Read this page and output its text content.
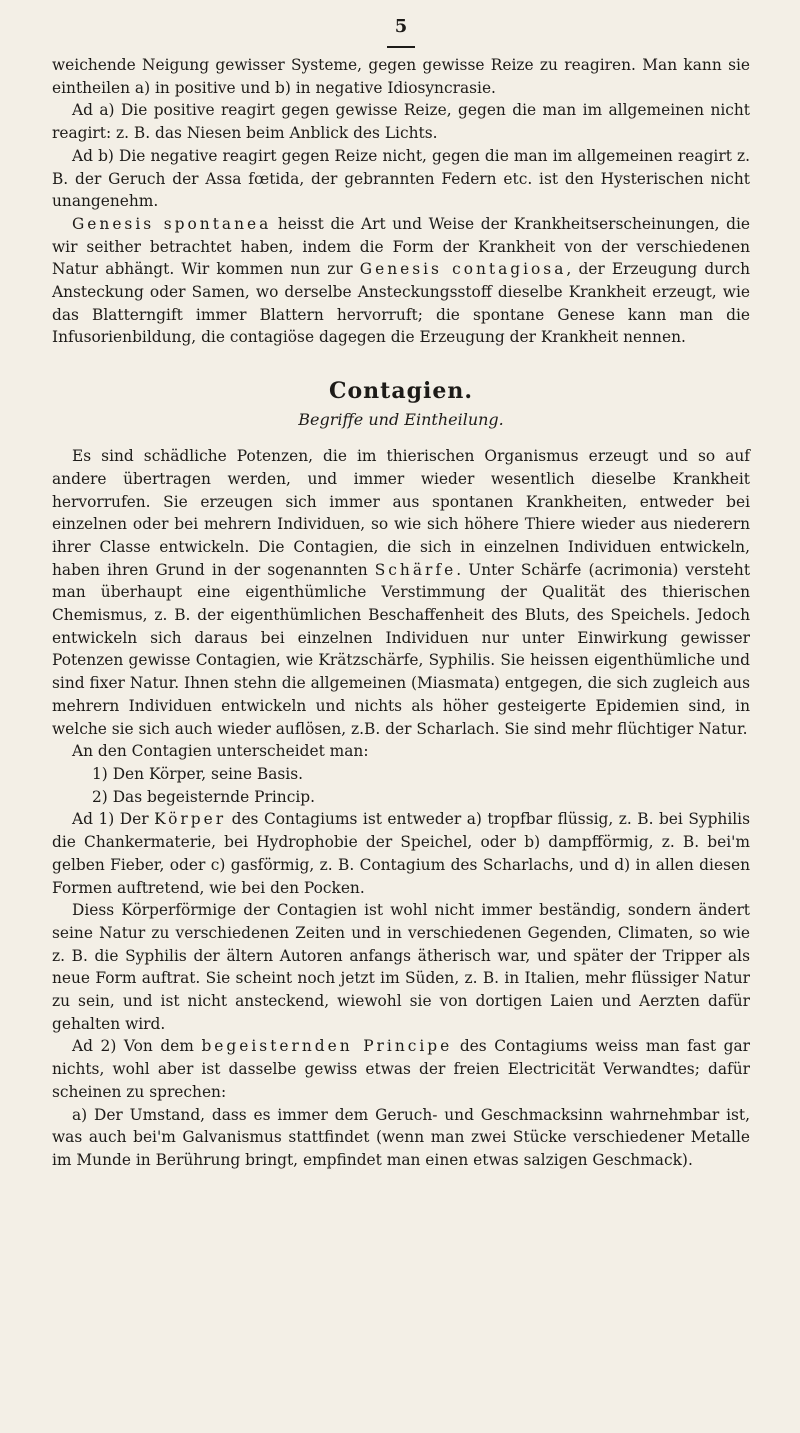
5

weichende Neigung gewisser Systeme, gegen gewisse Reize zu reagiren. Man kann sie eintheilen a) in positive und b) in negative Idiosyncrasie.

Ad a) Die positive reagirt gegen gewisse Reize, gegen die man im allgemeinen nicht reagirt: z. B. das Niesen beim Anblick des Lichts.

Ad b) Die negative reagirt gegen Reize nicht, gegen die man im allgemeinen reagirt z. B. der Geruch der Assa fœtida, der gebrannten Federn etc. ist den Hysterischen nicht unangenehm.

Genesis spontanea heisst die Art und Weise der Krankheitserscheinungen, die wir seither betrachtet haben, indem die Form der Krankheit von der verschiedenen Natur abhängt. Wir kommen nun zur Genesis contagiosa, der Erzeugung durch Ansteckung oder Samen, wo derselbe Ansteckungsstoff dieselbe Krankheit erzeugt, wie das Blatterngift immer Blattern hervorruft; die spontane Genese kann man die Infusorienbildung, die contagiöse dagegen die Erzeugung der Krankheit nennen.

Contagien.
Begriffe und Eintheilung.

Es sind schädliche Potenzen, die im thierischen Organismus erzeugt und so auf andere übertragen werden, und immer wieder wesentlich dieselbe Krankheit hervorrufen. Sie erzeugen sich immer aus spontanen Krankheiten, entweder bei einzelnen oder bei mehrern Individuen, so wie sich höhere Thiere wieder aus niederern ihrer Classe entwickeln. Die Contagien, die sich in einzelnen Individuen entwickeln, haben ihren Grund in der sogenannten Schärfe. Unter Schärfe (acrimonia) versteht man überhaupt eine eigenthümliche Verstimmung der Qualität des thierischen Chemismus, z. B. der eigenthümlichen Beschaffenheit des Bluts, des Speichels. Jedoch entwickeln sich daraus bei einzelnen Individuen nur unter Einwirkung gewisser Potenzen gewisse Contagien, wie Krätzschärfe, Syphilis. Sie heissen eigenthümliche und sind fixer Natur. Ihnen stehn die allgemeinen (Miasmata) entgegen, die sich zugleich aus mehrern Individuen entwickeln und nichts als höher gesteigerte Epidemien sind, in welche sie sich auch wieder auflösen, z.B. der Scharlach. Sie sind mehr flüchtiger Natur.

An den Contagien unterscheidet man:

1) Den Körper, seine Basis.

2) Das begeisternde Princip.

Ad 1) Der Körper des Contagiums ist entweder a) tropfbar flüssig, z. B. bei Syphilis die Chankermaterie, bei Hydrophobie der Speichel, oder b) dampfförmig, z. B. bei'm gelben Fieber, oder c) gasförmig, z. B. Contagium des Scharlachs, und d) in allen diesen Formen auftretend, wie bei den Pocken.

Diess Körperförmige der Contagien ist wohl nicht immer beständig, sondern ändert seine Natur zu verschiedenen Zeiten und in verschiedenen Gegenden, Climaten, so wie z. B. die Syphilis der ältern Autoren anfangs ätherisch war, und später der Tripper als neue Form auftrat. Sie scheint noch jetzt im Süden, z. B. in Italien, mehr flüssiger Natur zu sein, und ist nicht ansteckend, wiewohl sie von dortigen Laien und Aerzten dafür gehalten wird.

Ad 2) Von dem begeisternden Principe des Contagiums weiss man fast gar nichts, wohl aber ist dasselbe gewiss etwas der freien Electricität Verwandtes; dafür scheinen zu sprechen:

a) Der Umstand, dass es immer dem Geruch- und Geschmacksinn wahrnehmbar ist, was auch bei'm Galvanismus stattfindet (wenn man zwei Stücke verschiedener Metalle im Munde in Berührung bringt, empfindet man einen etwas salzigen Geschmack).
